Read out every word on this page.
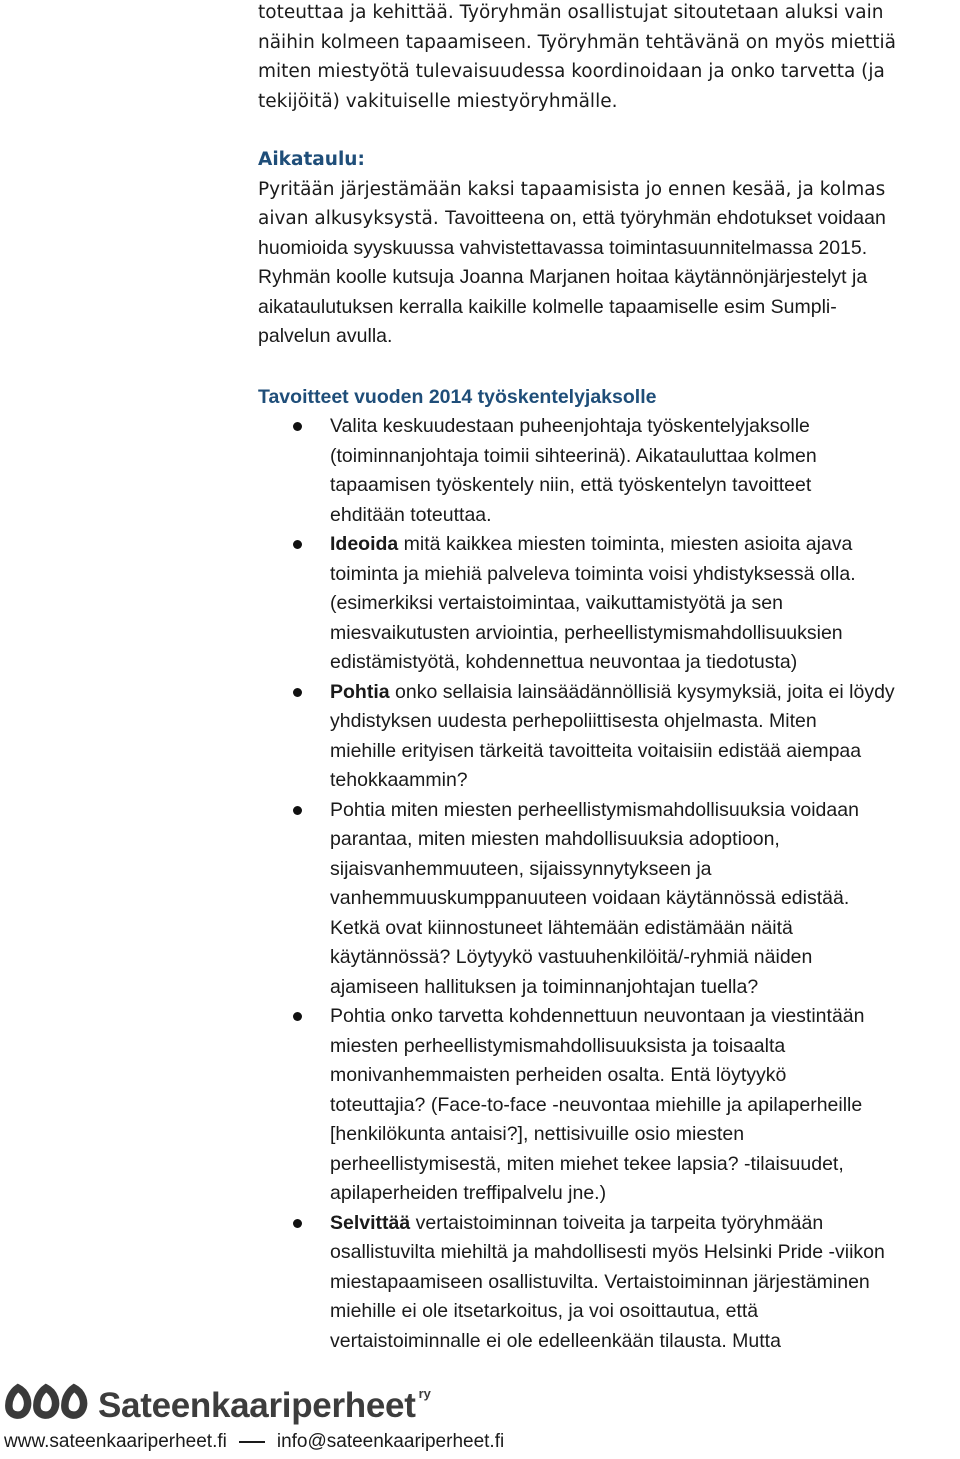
toteuttaa ja kehittää. Työryhmän osallistujat sitoutetaan aluksi vain

näihin kolmeen tapaamiseen. Työryhmän tehtävänä on myös miettiä

miten miestyötä tulevaisuudessa koordinoidaan ja onko tarvetta (ja

tekijöitä) vakituiselle miestyöryhmälle.

Aikataulu:

Pyritään järjestämään kaksi tapaamisista jo ennen kesää, ja kolmas

aivan alkusyksystä. Tavoitteena on, että työryhmän ehdotukset voidaan

huomioida syyskuussa vahvistettavassa toimintasuunnitelmassa 2015.

Ryhmän koolle kutsuja Joanna Marjanen hoitaa käytännönjärjestelyt ja

aikataulutuksen kerralla kaikille kolmelle tapaamiselle esim Sumpli-

palvelun avulla.

Tavoitteet vuoden 2014 työskentelyjaksolle
Valita keskuudestaan puheenjohtaja työskentelyjaksolle
(toiminnanjohtaja toimii sihteerinä). Aikatauluttaa kolmen
tapaamisen työskentely niin, että työskentelyn tavoitteet
ehditään toteuttaa.
Ideoida mitä kaikkea miesten toiminta, miesten asioita ajava
toiminta ja miehiä palveleva toiminta voisi yhdistyksessä olla.
(esimerkiksi vertaistoimintaa, vaikuttamistyötä ja sen
miesvaikutusten arviointia, perheellistymismahdollisuuksien
edistämistyötä, kohdennettua neuvontaa ja tiedotusta)
Pohtia onko sellaisia lainsäädännöllisiä kysymyksiä, joita ei löydy
yhdistyksen uudesta perhepoliittisesta ohjelmasta. Miten
miehille erityisen tärkeitä tavoitteita voitaisiin edistää aiempaa
tehokkaammin?
Pohtia miten miesten perheellistymismahdollisuuksia voidaan
parantaa, miten miesten mahdollisuuksia adoptioon,
sijaisvanhemmuuteen, sijaissynnytykseen ja
vanhemmuuskumppanuuteen voidaan käytännössä edistää.
Ketkä ovat kiinnostuneet lähtemään edistämään näitä
käytännössä? Löytyykö vastuuhenkilöitä/-ryhmiä näiden
ajamiseen hallituksen ja toiminnanjohtajan tuella?
Pohtia onko tarvetta kohdennettuun neuvontaan ja viestintään
miesten perheellistymismahdollisuuksista ja toisaalta
monivanhemmaisten perheiden osalta. Entä löytyykö
toteuttajia? (Face-to-face -neuvontaa miehille ja apilaperheille
[henkilökunta antaisi?], nettisivuille osio miesten
perheellistymisestä, miten miehet tekee lapsia? -tilaisuudet,
apilaperheiden treffipalvelu jne.)
Selvittää vertaistoiminnan toiveita ja tarpeita työryhmään
osallistuvilta miehiltä ja mahdollisesti myös Helsinki Pride -viikon
miestapaamiseen osallistuvilta. Vertaistoiminnan järjestäminen
miehille ei ole itsetarkoitus, ja voi osoittautua, että
vertaistoiminnalle ei ole edelleenkään tilausta. Mutta
Sateenkaariperheet ry
www.sateenkaariperheet.fi	info@sateenkaariperheet.fi
